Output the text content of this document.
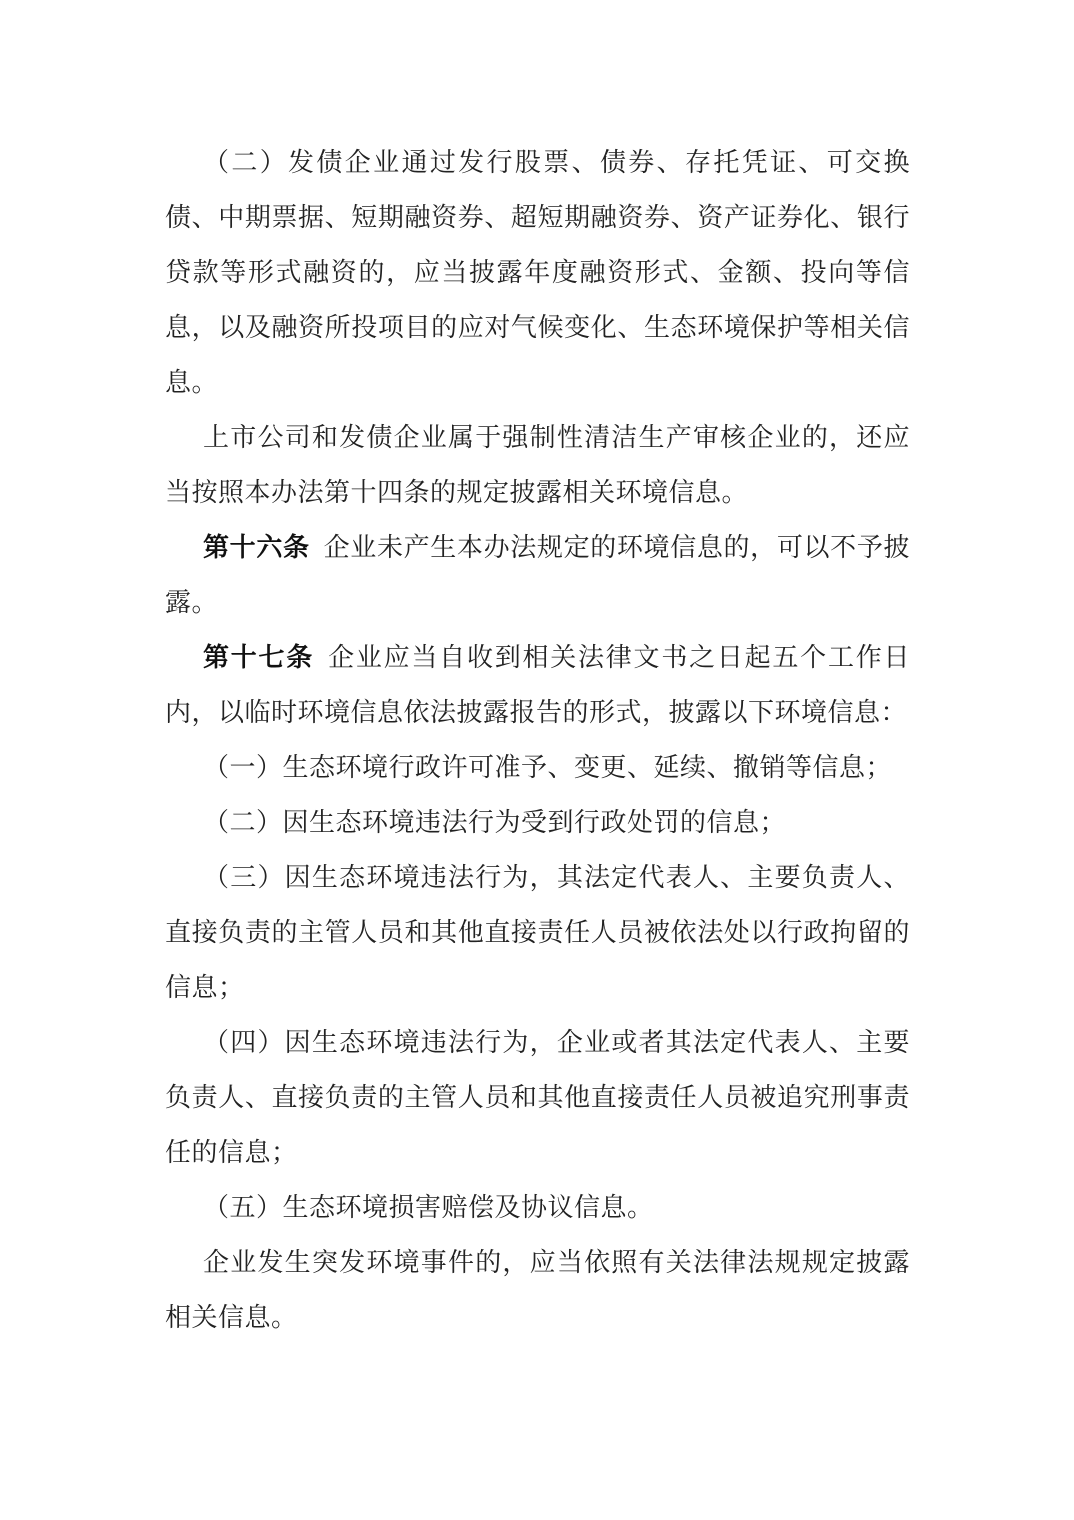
（二）发债企业通过发行股票、债券、存托凭证、可交换债、中期票据、短期融资券、超短期融资券、资产证券化、银行贷款等形式融资的，应当披露年度融资形式、金额、投向等信息，以及融资所投项目的应对气候变化、生态环境保护等相关信息。

上市公司和发债企业属于强制性清洁生产审核企业的，还应当按照本办法第十四条的规定披露相关环境信息。

第十六条 企业未产生本办法规定的环境信息的，可以不予披露。

第十七条 企业应当自收到相关法律文书之日起五个工作日内，以临时环境信息依法披露报告的形式，披露以下环境信息：

（一）生态环境行政许可准予、变更、延续、撤销等信息；

（二）因生态环境违法行为受到行政处罚的信息；

（三）因生态环境违法行为，其法定代表人、主要负责人、直接负责的主管人员和其他直接责任人员被依法处以行政拘留的信息；

（四）因生态环境违法行为，企业或者其法定代表人、主要负责人、直接负责的主管人员和其他直接责任人员被追究刑事责任的信息；

（五）生态环境损害赔偿及协议信息。

企业发生突发环境事件的，应当依照有关法律法规规定披露相关信息。
